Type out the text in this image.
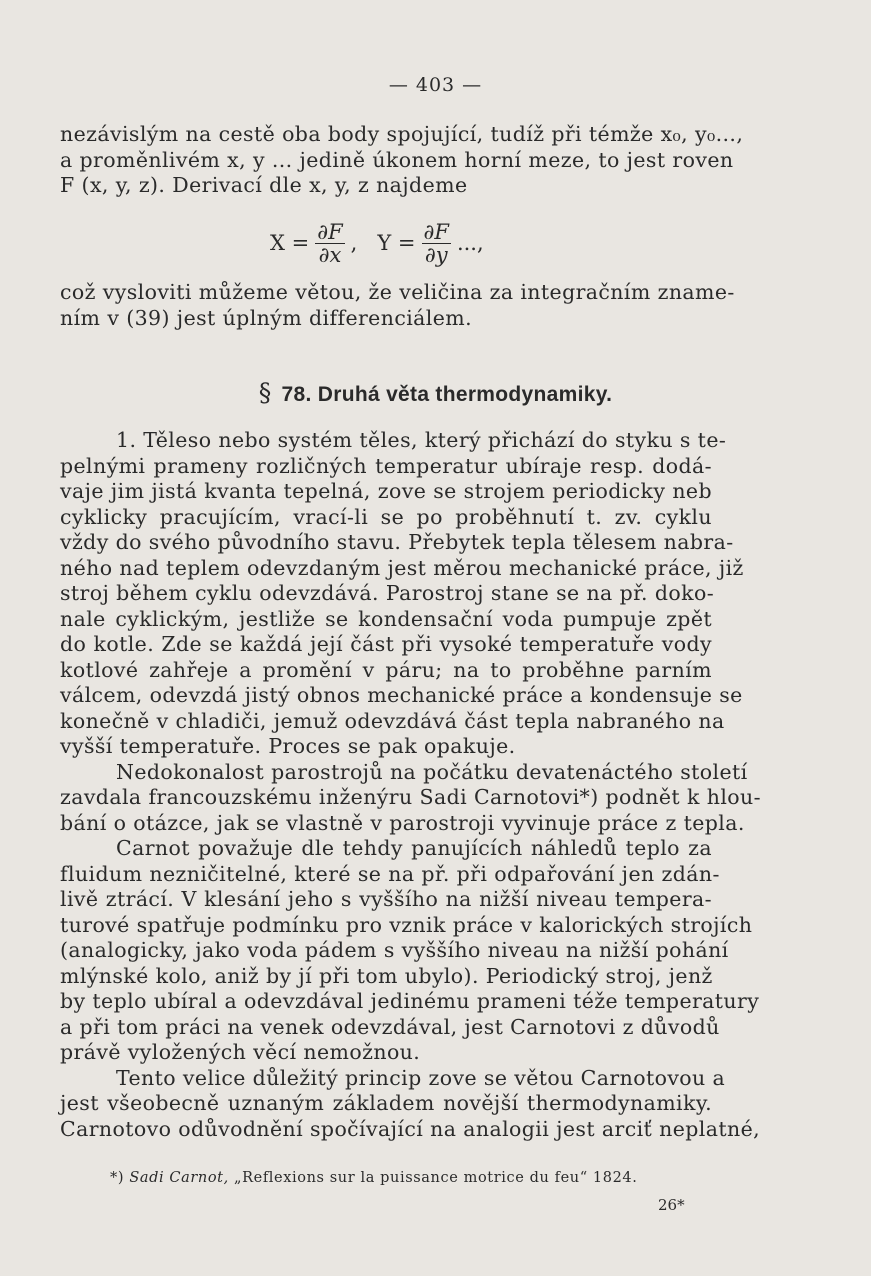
— 403 —
nezávislým na cestě oba body spojující, tudíž při témže x₀, y₀...,
a proměnlivém x, y ... jedině úkonem horní meze, to jest roven
F (x, y, z). Derivací dle x, y, z najdeme
$X = \frac{\partial F}{\partial x}$ , $Y = \frac{\partial F}{\partial y}$ ...,
což vysloviti můžeme větou, že veličina za integračním zname-
ním v (39) jest úplným differenciálem.
§ 78. Druhá věta thermodynamiky.
1. Těleso nebo systém těles, který přichází do styku s te-
pelnými prameny rozličných temperatur ubíraje resp. dodá-
vaje jim jistá kvanta tepelná, zove se strojem periodicky neb
cyklicky pracujícím, vrací-li se po proběhnutí t. zv. cyklu
vždy do svého původního stavu. Přebytek tepla tělesem nabra-
ného nad teplem odevzdaným jest měrou mechanické práce, již
stroj během cyklu odevzdává. Parostroj stane se na př. doko-
nale cyklickým, jestliže se kondensační voda pumpuje zpět
do kotle. Zde se každá její část při vysoké temperatuře vody
kotlové zahřeje a promění v páru; na to proběhne parním
válcem, odevzdá jistý obnos mechanické práce a kondensuje se
konečně v chladiči, jemuž odevzdává část tepla nabraného na
vyšší temperatuře. Proces se pak opakuje.
Nedokonalost parostrojů na počátku devatenáctého století
zavdala francouzskému inženýru Sadi Carnotovi*) podnět k hlou-
bání o otázce, jak se vlastně v parostroji vyvinuje práce z tepla.
Carnot považuje dle tehdy panujících náhledů teplo za
fluidum nezničitelné, které se na př. při odpařování jen zdán-
livě ztrácí. V klesání jeho s vyššího na nižší niveau tempera-
turové spatřuje podmínku pro vznik práce v kalorických strojích
(analogicky, jako voda pádem s vyššího niveau na nižší pohání
mlýnské kolo, aniž by jí při tom ubylo). Periodický stroj, jenž
by teplo ubíral a odevzdával jedinému prameni téže temperatury
a při tom práci na venek odevzdával, jest Carnotovi z důvodů
právě vyložených věcí nemožnou.
Tento velice důležitý princip zove se větou Carnotovou a
jest všeobecně uznaným základem novější thermodynamiky.
Carnotovo odůvodnění spočívající na analogii jest arciť neplatné,
*) Sadi Carnot, „Reflexions sur la puissance motrice du feu“ 1824.
26*
